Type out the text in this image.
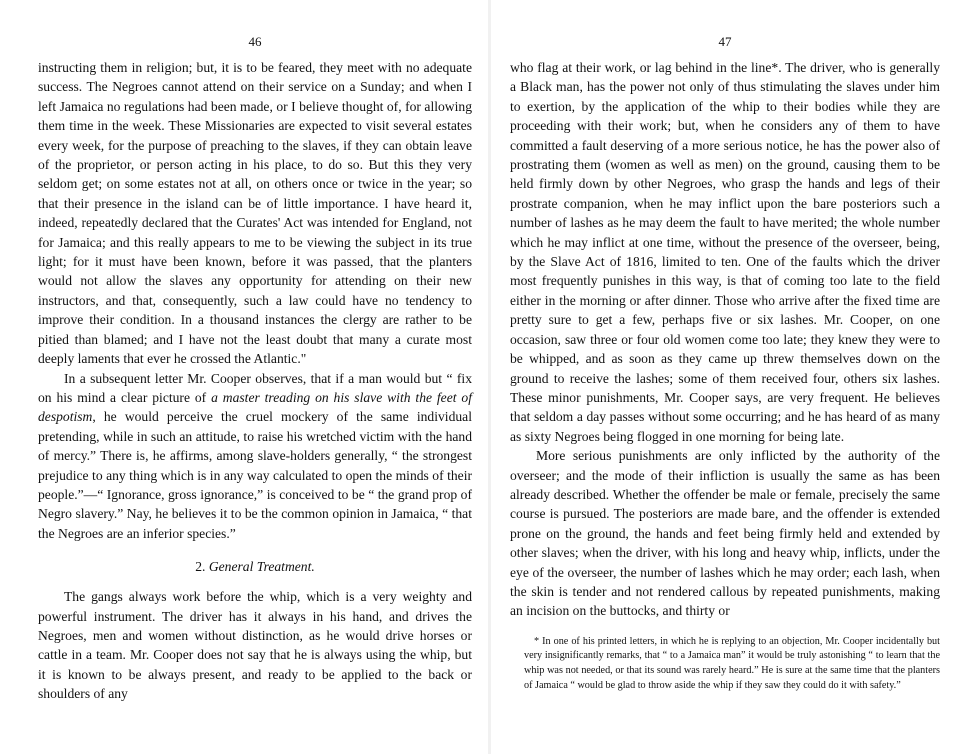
46

instructing them in religion; but, it is to be feared, they meet with no adequate success. The Negroes cannot attend on their service on a Sunday; and when I left Jamaica no regulations had been made, or I believe thought of, for allowing them time in the week. These Missionaries are expected to visit several estates every week, for the purpose of preaching to the slaves, if they can obtain leave of the proprietor, or person acting in his place, to do so. But this they very seldom get; on some estates not at all, on others once or twice in the year; so that their presence in the island can be of little importance. I have heard it, indeed, repeatedly declared that the Curates' Act was intended for England, not for Jamaica; and this really appears to me to be viewing the subject in its true light; for it must have been known, before it was passed, that the planters would not allow the slaves any opportunity for attending on their new instructors, and that, consequently, such a law could have no tendency to improve their condition. In a thousand instances the clergy are rather to be pitied than blamed; and I have not the least doubt that many a curate most deeply laments that ever he crossed the Atlantic."

In a subsequent letter Mr. Cooper observes, that if a man would but “ fix on his mind a clear picture of a master treading on his slave with the feet of despotism, he would perceive the cruel mockery of the same individual pretending, while in such an attitude, to raise his wretched victim with the hand of mercy.” There is, he affirms, among slave-holders generally, “ the strongest prejudice to any thing which is in any way calculated to open the minds of their people.”—“ Ignorance, gross ignorance,” is conceived to be “ the grand prop of Negro slavery.” Nay, he believes it to be the common opinion in Jamaica, “ that the Negroes are an inferior species.”

2. General Treatment.

The gangs always work before the whip, which is a very weighty and powerful instrument. The driver has it always in his hand, and drives the Negroes, men and women without distinction, as he would drive horses or cattle in a team. Mr. Cooper does not say that he is always using the whip, but it is known to be always present, and ready to be applied to the back or shoulders of any

47

who flag at their work, or lag behind in the line*. The driver, who is generally a Black man, has the power not only of thus stimulating the slaves under him to exertion, by the application of the whip to their bodies while they are proceeding with their work; but, when he considers any of them to have committed a fault deserving of a more serious notice, he has the power also of prostrating them (women as well as men) on the ground, causing them to be held firmly down by other Negroes, who grasp the hands and legs of their prostrate companion, when he may inflict upon the bare posteriors such a number of lashes as he may deem the fault to have merited; the whole number which he may inflict at one time, without the presence of the overseer, being, by the Slave Act of 1816, limited to ten. One of the faults which the driver most frequently punishes in this way, is that of coming too late to the field either in the morning or after dinner. Those who arrive after the fixed time are pretty sure to get a few, perhaps five or six lashes. Mr. Cooper, on one occasion, saw three or four old women come too late; they knew they were to be whipped, and as soon as they came up threw themselves down on the ground to receive the lashes; some of them received four, others six lashes. These minor punishments, Mr. Cooper says, are very frequent. He believes that seldom a day passes without some occurring; and he has heard of as many as sixty Negroes being flogged in one morning for being late.

More serious punishments are only inflicted by the authority of the overseer; and the mode of their infliction is usually the same as has been already described. Whether the offender be male or female, precisely the same course is pursued. The posteriors are made bare, and the offender is extended prone on the ground, the hands and feet being firmly held and extended by other slaves; when the driver, with his long and heavy whip, inflicts, under the eye of the overseer, the number of lashes which he may order; each lash, when the skin is tender and not rendered callous by repeated punishments, making an incision on the buttocks, and thirty or

* In one of his printed letters, in which he is replying to an objection, Mr. Cooper incidentally but very insignificantly remarks, that “ to a Jamaica man” it would be truly astonishing “ to learn that the whip was not needed, or that its sound was rarely heard.” He is sure at the same time that the planters of Jamaica “ would be glad to throw aside the whip if they saw they could do it with safety.”
